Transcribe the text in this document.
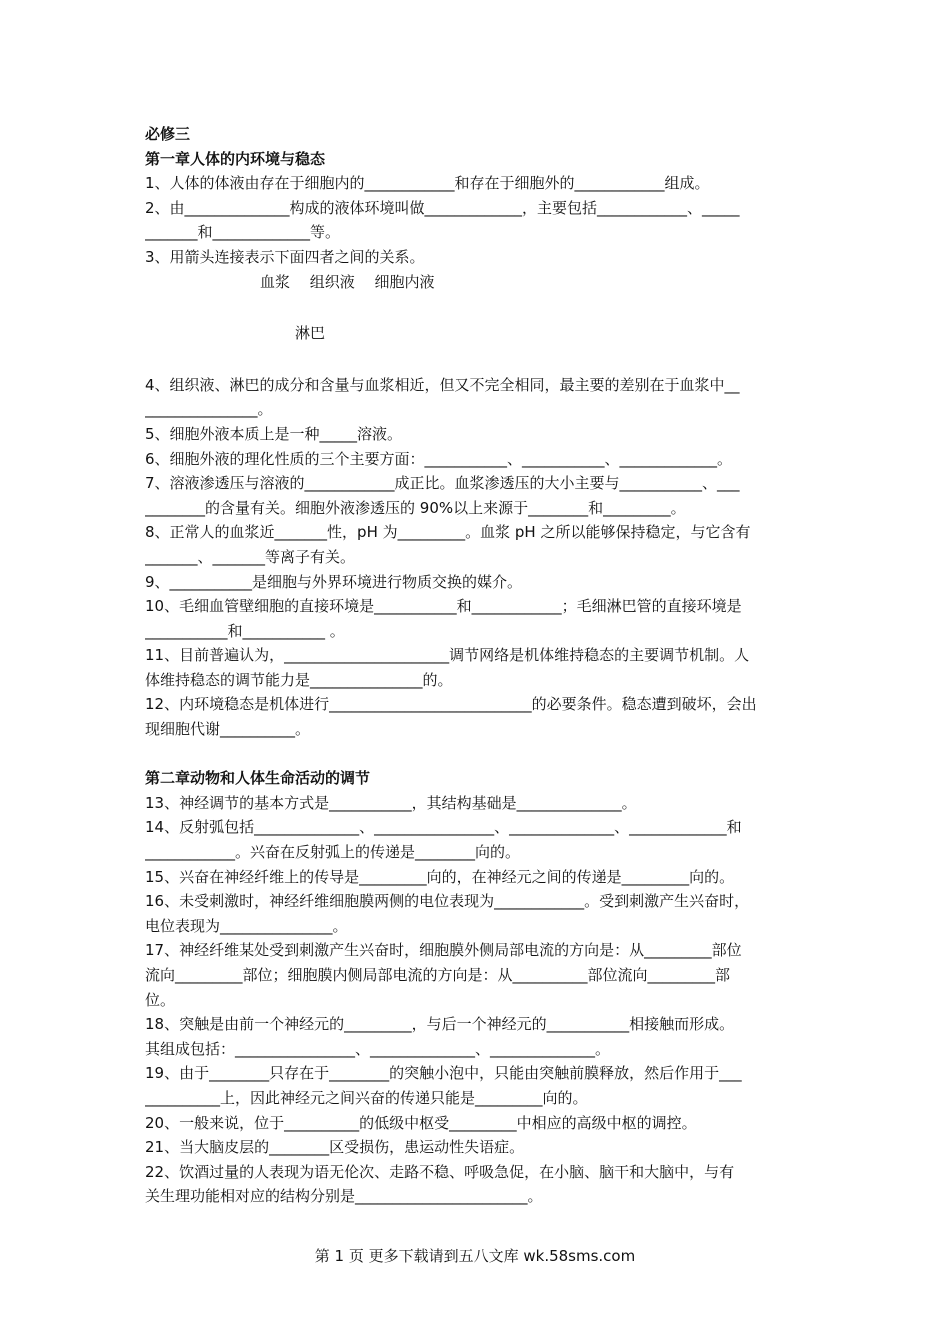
必修三
第一章人体的内环境与稳态
1、人体的体液由存在于细胞内的____________和存在于细胞外的____________组成。
2、由______________构成的液体环境叫做_____________，主要包括____________、_____
_______和_____________等。
3、用箭头连接表示下面四者之间的关系。
血浆　 组织液　 细胞内液
淋巴
4、组织液、淋巴的成分和含量与血浆相近，但又不完全相同，最主要的差别在于血浆中__
_______________。
5、细胞外液本质上是一种_____溶液。
6、细胞外液的理化性质的三个主要方面：___________、___________、_____________。
7、溶液渗透压与溶液的____________成正比。血浆渗透压的大小主要与___________、___
________的含量有关。细胞外液渗透压的 90%以上来源于________和_________。
8、正常人的血浆近_______性，pH 为_________。血浆 pH 之所以能够保持稳定，与它含有
_______、_______等离子有关。
9、___________是细胞与外界环境进行物质交换的媒介。
10、毛细血管壁细胞的直接环境是___________和____________；毛细淋巴管的直接环境是
___________和___________ 。
11、目前普遍认为，______________________调节网络是机体维持稳态的主要调节机制。人
体维持稳态的调节能力是_______________的。
12、内环境稳态是机体进行___________________________的必要条件。稳态遭到破坏，会出
现细胞代谢__________。
第二章动物和人体生命活动的调节
13、神经调节的基本方式是___________，其结构基础是______________。
14、反射弧包括______________、________________、______________、_____________和
____________。兴奋在反射弧上的传递是________向的。
15、兴奋在神经纤维上的传导是_________向的，在神经元之间的传递是_________向的。
16、未受刺激时，神经纤维细胞膜两侧的电位表现为____________。受到刺激产生兴奋时，
电位表现为_______________。
17、神经纤维某处受到刺激产生兴奋时，细胞膜外侧局部电流的方向是：从_________部位
流向_________部位；细胞膜内侧局部电流的方向是：从__________部位流向_________部
位。
18、突触是由前一个神经元的_________，与后一个神经元的___________相接触而形成。
其组成包括：________________、______________、______________。
19、由于________只存在于________的突触小泡中，只能由突触前膜释放，然后作用于___
__________上，因此神经元之间兴奋的传递只能是_________向的。
20、一般来说，位于__________的低级中枢受_________中相应的高级中枢的调控。
21、当大脑皮层的________区受损伤，患运动性失语症。
22、饮酒过量的人表现为语无伦次、走路不稳、呼吸急促，在小脑、脑干和大脑中，与有
关生理功能相对应的结构分别是_______________________。
第 1 页 更多下载请到五八文库 wk.58sms.com
